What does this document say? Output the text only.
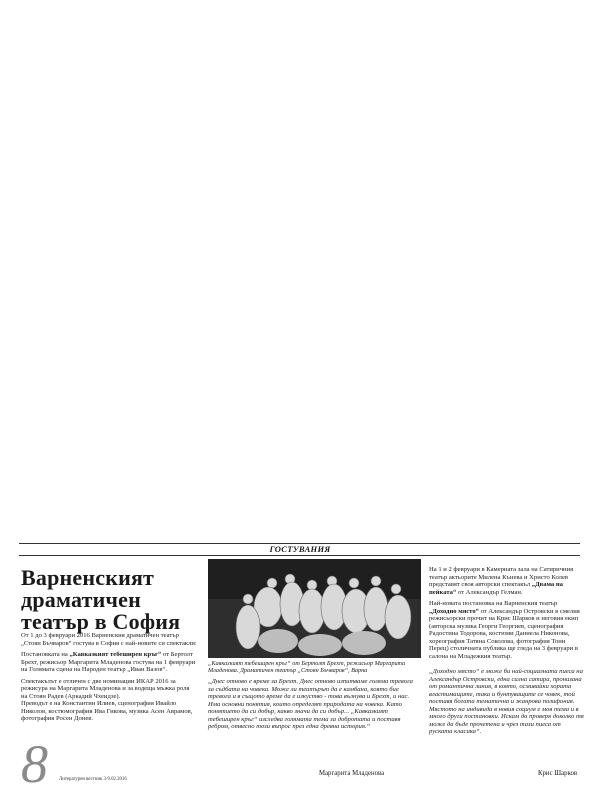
ГОСТУВАНИЯ
Варненският драматичен театър в София

От 1 до 3 февруари 2016 Варненския драматичен театър „Стоян Бъчваров“ гостува в София с най-новите си спектакли:

Постановката на „Кавказкият тебеширен кръг“ от Бертолт Брехт, режисьор Маргарита Младенова гостува на 1 февруари на Голямата сцена на Народен театър „Иван Вазов“.

Спектакълът е отличен с две номинации ИКАР 2016 за режисура на Маргарита Младенова и за водеща мъжка роля на Стоян Радев (Аркадий Чхеидзе).

Преводът е на Константин Илиев, сценография Ивайло Николов, костюмография Ива Гикова, музика Асен Аврамов, фотография Росен Донев.

„Кавказкият тебеширен кръг“ от Бертолт Брехт, режисьор Маргарита Младенова. Драматичен театър „Стоян Бъчваров“, Варна

„Днес отново е време за Брехт. Днес отново изпитваме голяма тревога за съдбата на човека. Може ли театърът да е камбана, която бие тревога и в същото време да е изкуство - това вълнува и Брехт, и нас. Има основни понятия, които определят природата на човека. Като понятието да си добър, какво значи да си добър... „Кавказкият тебеширен кръг“ изследва голямата тема за добротата и поставя ребром, отвесно този въпрос през една древна история.“

Маргарита Младенова

На 1 и 2 февруари в Камерната зала на Сатиричния театър актьорите Милена Кънева и Христо Колев представят своя авторски спектакъл „Двама на пейката“ от Александър Гелман.

Най-новата постановка на Варненския театър „Доходно място“ от Александър Островски в смелия режисьорски прочит на Крис Шарков и неговия екип (авторска музика Георги Георгиев, сценография Радостина Тодорова, костюми Даниела Никонова, хореография Татяна Соколова, фотография Тони Перец) столичната публика ще гледа на 3 февруари в салона на Младежкия театър.

„Доходно място“ е може би най-социалната пиеса на Александър Островски, една силна сатира, пронизана от романтична линия, в която, осмивайки хората властимащите, така и бунтуващите се човек, той поставя богата тематична и жанрова полифония. Мястото на индивида в новия социум е моя тема и в много други постановки. Искам да проверя доколко тя може да бъде прочетена и чрез тази пиеса от руската класика“.

Крис Шарков
8 Литературен вестник 3-9.02.2016
